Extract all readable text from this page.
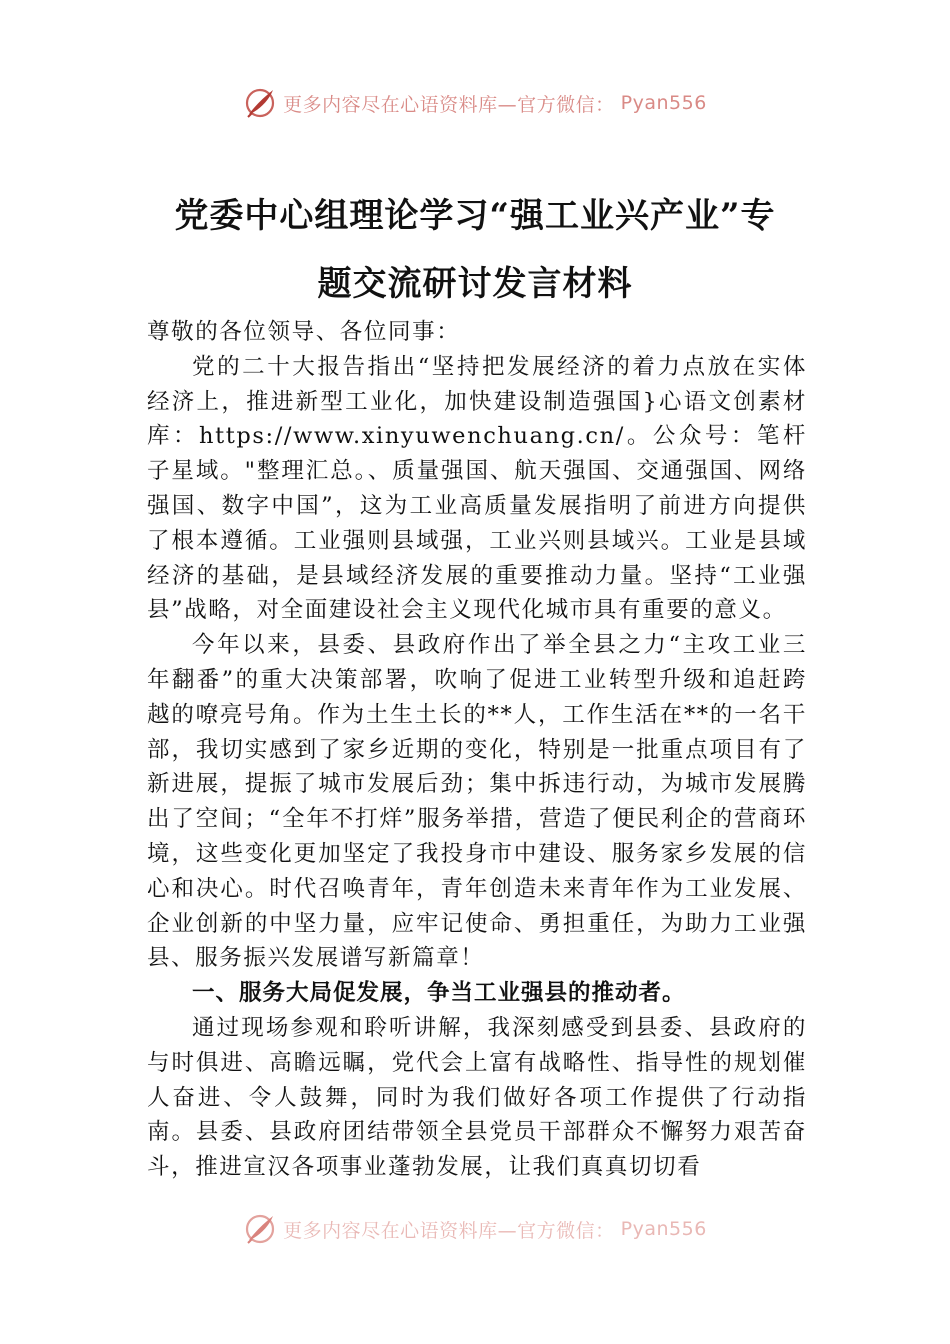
更多内容尽在心语资料库—官方微信： Pyan556
党委中心组理论学习“强工业兴产业”专
题交流研讨发言材料

尊敬的各位领导、各位同事：

党的二十大报告指出“坚持把发展经济的着力点放在实体经济上，推进新型工业化，加快建设制造强国}心语文创素材库：https://www.xinyuwenchuang.cn/。公众号：笔杆子星域。"整理汇总。、质量强国、航天强国、交通强国、网络强国、数字中国”，这为工业高质量发展指明了前进方向提供了根本遵循。工业强则县域强，工业兴则县域兴。工业是县域经济的基础，是县域经济发展的重要推动力量。坚持“工业强县”战略，对全面建设社会主义现代化城市具有重要的意义。

今年以来，县委、县政府作出了举全县之力“主攻工业三年翻番”的重大决策部署，吹响了促进工业转型升级和追赶跨越的嘹亮号角。作为土生土长的**人，工作生活在**的一名干部，我切实感到了家乡近期的变化，特别是一批重点项目有了新进展，提振了城市发展后劲；集中拆违行动，为城市发展腾出了空间；“全年不打烊”服务举措，营造了便民利企的营商环境，这些变化更加坚定了我投身市中建设、服务家乡发展的信心和决心。时代召唤青年，青年创造未来青年作为工业发展、企业创新的中坚力量，应牢记使命、勇担重任，为助力工业强县、服务振兴发展谱写新篇章！

一、服务大局促发展，争当工业强县的推动者。

通过现场参观和聆听讲解，我深刻感受到县委、县政府的与时俱进、高瞻远瞩，党代会上富有战略性、指导性的规划催人奋进、令人鼓舞，同时为我们做好各项工作提供了行动指南。县委、县政府团结带领全县党员干部群众不懈努力艰苦奋斗，推进宣汉各项事业蓬勃发展，让我们真真切切看

更多内容尽在心语资料库—官方微信： Pyan556
